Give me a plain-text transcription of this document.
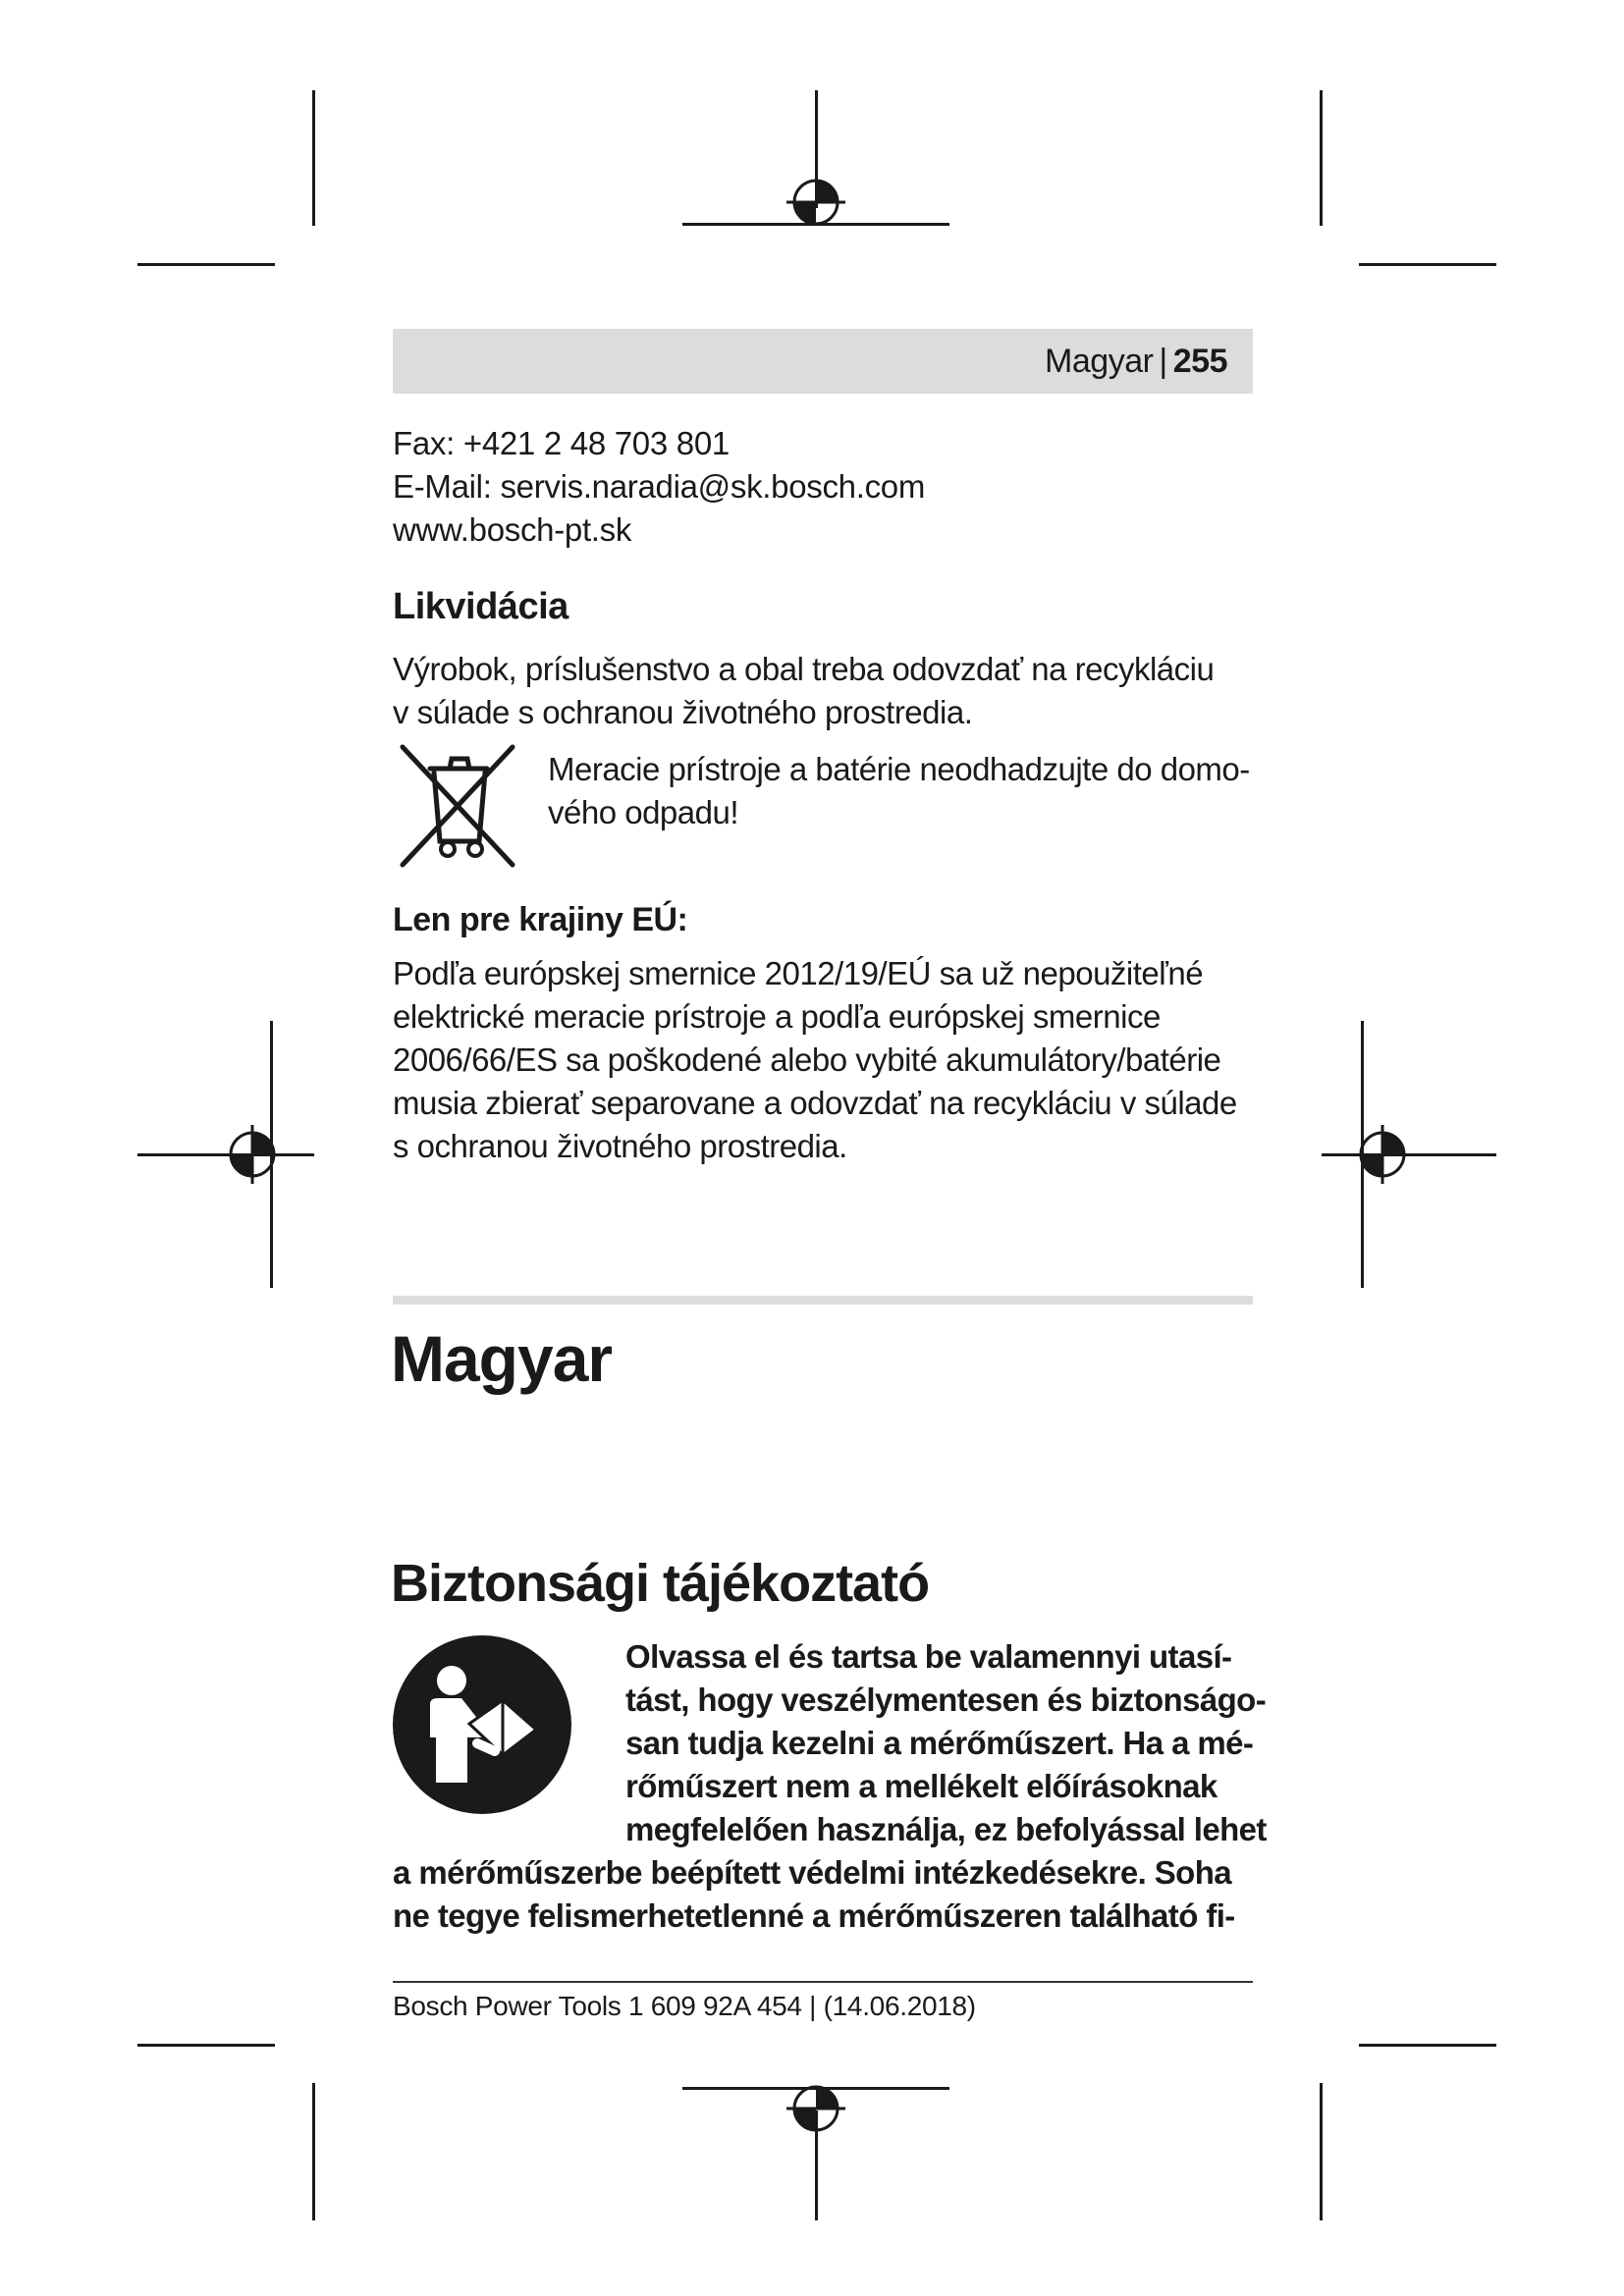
Magyar | 255
Fax: +421 2 48 703 801
E-Mail: servis.naradia@sk.bosch.com
www.bosch-pt.sk
Likvidácia
Výrobok, príslušenstvo a obal treba odovzdať na recykláciu
v súlade s ochranou životného prostredia.
Meracie prístroje a batérie neodhadzujte do domo-
vého odpadu!
Len pre krajiny EÚ:
Podľa európskej smernice 2012/19/EÚ sa už nepoužiteľné
elektrické meracie prístroje a podľa európskej smernice
2006/66/ES sa poškodené alebo vybité akumulátory/batérie
musia zbierať separovane a odovzdať na recykláciu v súlade
s ochranou životného prostredia.
Magyar
Biztonsági tájékoztató
Olvassa el és tartsa be valamennyi utasí-
tást, hogy veszélymentesen és biztonságo-
san tudja kezelni a mérőműszert. Ha a mé-
rőműszert nem a mellékelt előírásoknak
megfelelően használja, ez befolyással lehet
a mérőműszerbe beépített védelmi intézkedésekre. Soha
ne tegye felismerhetetlenné a mérőműszeren található fi-
Bosch Power Tools 1 609 92A 454 | (14.06.2018)
